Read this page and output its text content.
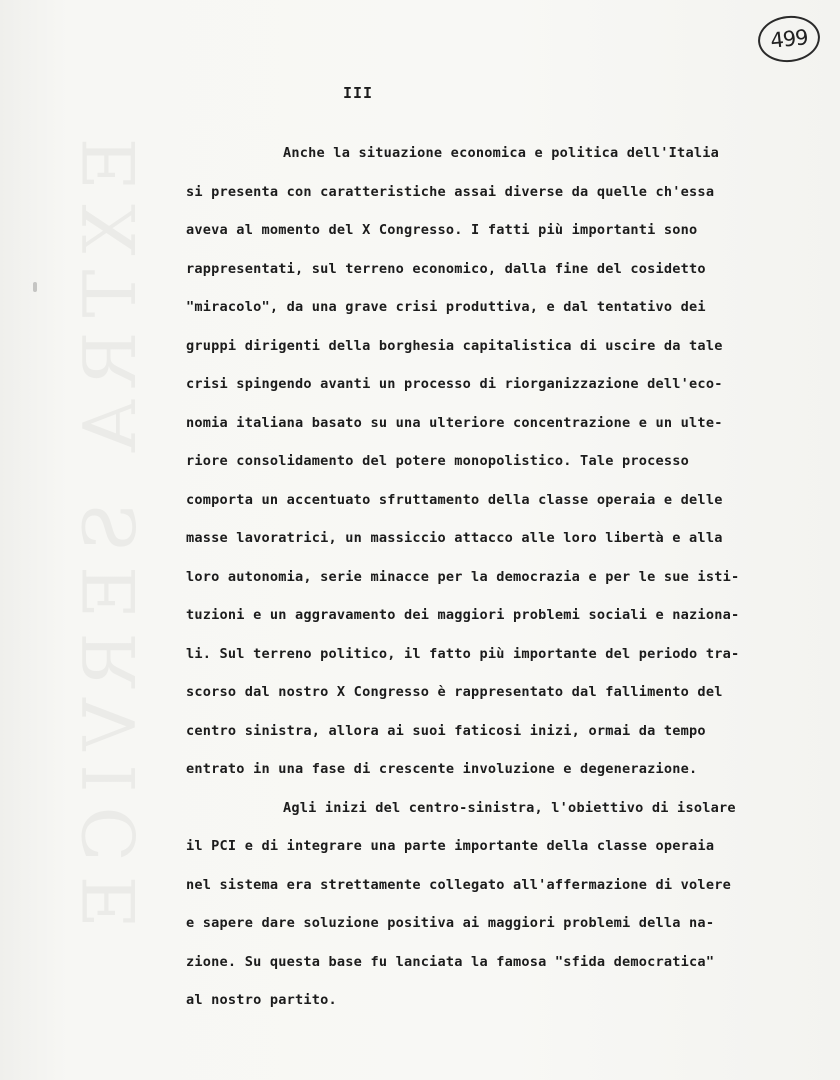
EXTRA SERVICE
499
III
Anche la situazione economica e politica dell'Italia
si presenta con caratteristiche assai diverse da quelle ch'essa
aveva al momento del X Congresso. I fatti più importanti sono
rappresentati, sul terreno economico, dalla fine del cosidetto
"miracolo", da una grave crisi produttiva, e dal tentativo dei
gruppi dirigenti della borghesia capitalistica di uscire da tale
crisi spingendo avanti un processo di riorganizzazione dell'eco-
nomia italiana basato su una ulteriore concentrazione e un ulte-
riore consolidamento del potere monopolistico. Tale processo
comporta un accentuato sfruttamento della classe operaia e delle
masse lavoratrici, un massiccio attacco alle loro libertà e alla
loro autonomia, serie minacce per la democrazia e per le sue isti-
tuzioni e un aggravamento dei maggiori problemi sociali e naziona-
li. Sul terreno politico, il fatto più importante del periodo tra-
scorso dal nostro X Congresso è rappresentato dal fallimento del
centro sinistra, allora ai suoi faticosi inizi, ormai da tempo
entrato in una fase di crescente involuzione e degenerazione.
Agli inizi del centro-sinistra, l'obiettivo di isolare
il PCI e di integrare una parte importante della classe operaia
nel sistema era strettamente collegato all'affermazione di volere
e sapere dare soluzione positiva ai maggiori problemi della na-
zione. Su questa base fu lanciata la famosa "sfida democratica"
al nostro partito.
